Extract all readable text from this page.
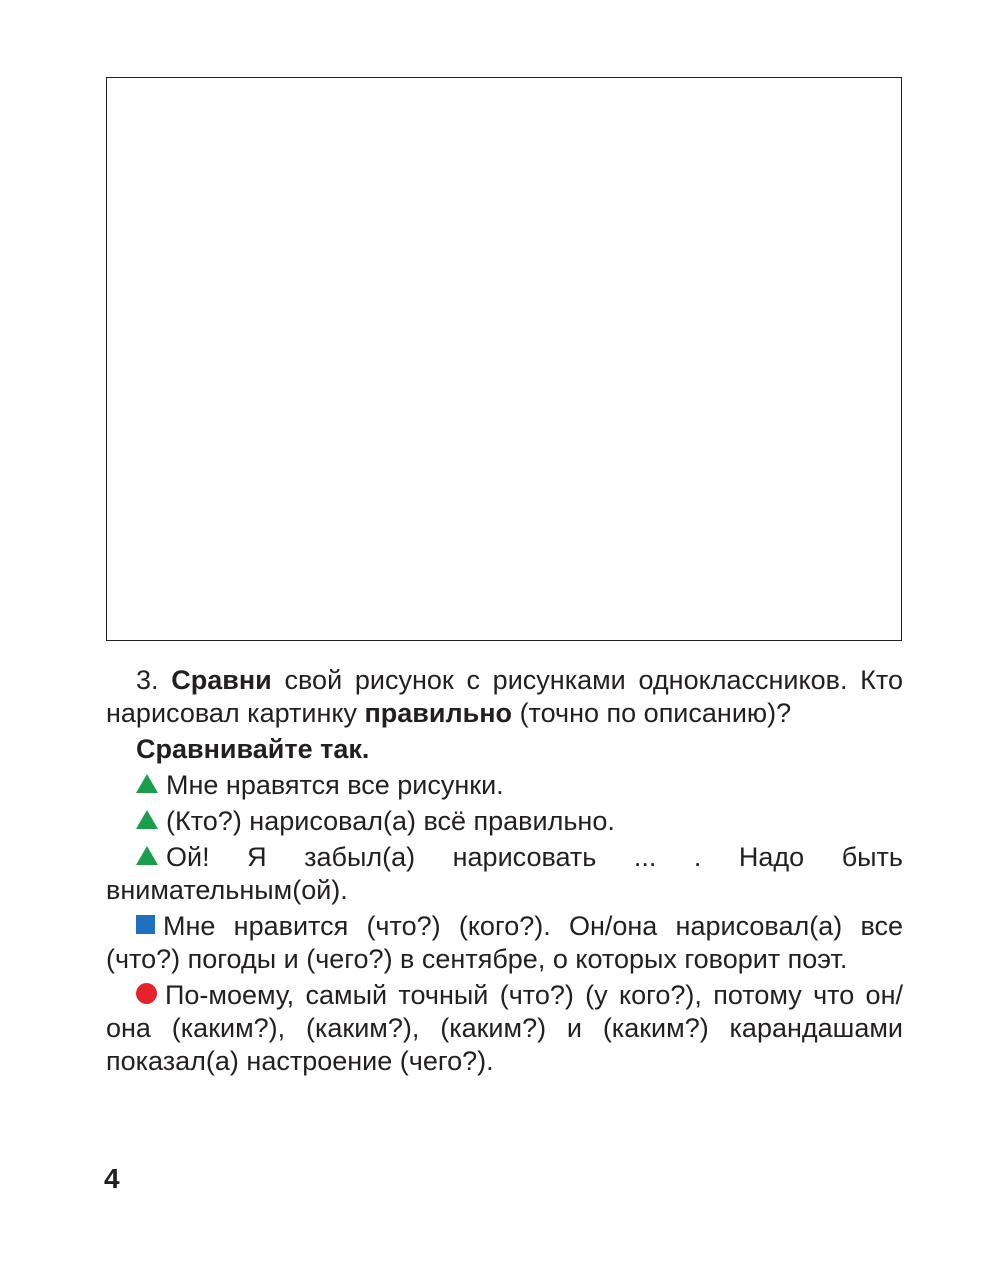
3. Сравни свой рисунок с рисунками одноклассников. Кто нарисовал картинку правильно (точно по описанию)?

Сравнивайте так.

Мне нравятся все рисунки.

(Кто?) нарисовал(а) всё правильно.

Ой! Я забыл(а) нарисовать ... . Надо быть внимательным(ой).

Мне нравится (что?) (кого?). Он/она нарисовал(а) все (что?) погоды и (чего?) в сентябре, о которых говорит поэт.

По-моему, самый точный (что?) (у кого?), потому что он/она (каким?), (каким?), (каким?) и (каким?) карандашами показал(а) настроение (чего?).

4
